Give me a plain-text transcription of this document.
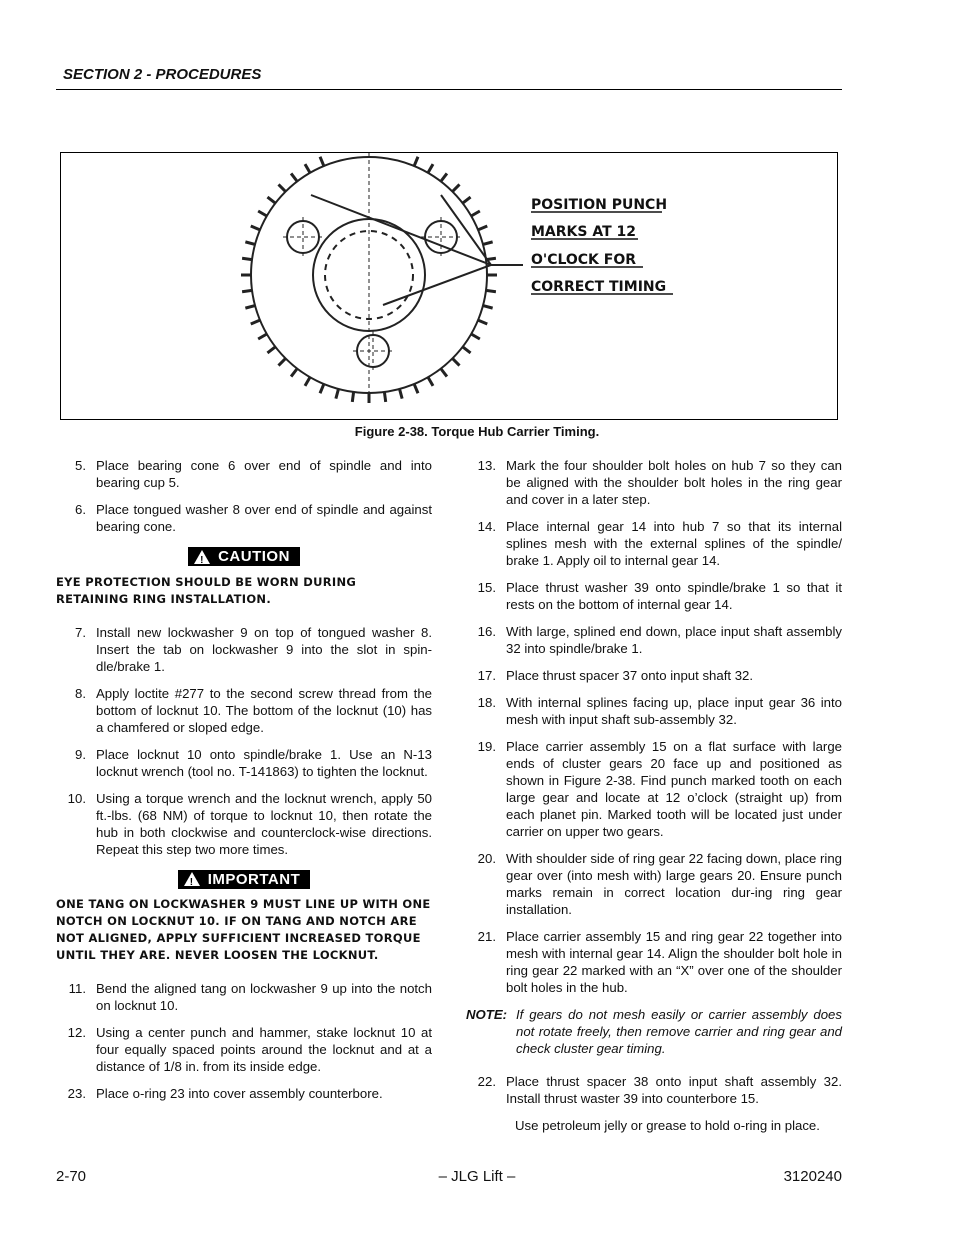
SECTION 2 - PROCEDURES
POSITION PUNCH
MARKS AT 12
O'CLOCK FOR
CORRECT TIMING
Figure 2-38. Torque Hub Carrier Timing.
5. Place bearing cone 6 over end of spindle and into bearing cup 5.
6. Place tongued washer 8 over end of spindle and against bearing cone.
! CAUTION
EYE PROTECTION SHOULD BE WORN DURING RETAINING RING INSTALLATION.
7. Install new lockwasher 9 on top of tongued washer 8. Insert the tab on lockwasher 9 into the slot in spin-dle/brake 1.
8. Apply loctite #277 to the second screw thread from the bottom of locknut 10. The bottom of the locknut (10) has a chamfered or sloped edge.
9. Place locknut 10 onto spindle/brake 1. Use an N-13 locknut wrench (tool no. T-141863) to tighten the locknut.
10. Using a torque wrench and the locknut wrench, apply 50 ft.-lbs. (68 NM) of torque to locknut 10, then rotate the hub in both clockwise and counterclock-wise directions. Repeat this step two more times.
! IMPORTANT
ONE TANG ON LOCKWASHER 9 MUST LINE UP WITH ONE NOTCH ON LOCKNUT 10. IF ON TANG AND NOTCH ARE NOT ALIGNED, APPLY SUFFICIENT INCREASED TORQUE UNTIL THEY ARE. NEVER LOOSEN THE LOCKNUT.
11. Bend the aligned tang on lockwasher 9 up into the notch on locknut 10.
12. Using a center punch and hammer, stake locknut 10 at four equally spaced points around the locknut and at a distance of 1/8 in. from its inside edge.
23. Place o-ring 23 into cover assembly counterbore.
13. Mark the four shoulder bolt holes on hub 7 so they can be aligned with the shoulder bolt holes in the ring gear and cover in a later step.
14. Place internal gear 14 into hub 7 so that its internal splines mesh with the external splines of the spindle/ brake 1. Apply oil to internal gear 14.
15. Place thrust washer 39 onto spindle/brake 1 so that it rests on the bottom of internal gear 14.
16. With large, splined end down, place input shaft assembly 32 into spindle/brake 1.
17. Place thrust spacer 37 onto input shaft 32.
18. With internal splines facing up, place input gear 36 into mesh with input shaft sub-assembly 32.
19. Place carrier assembly 15 on a flat surface with large ends of cluster gears 20 face up and positioned as shown in Figure 2-38. Find punch marked tooth on each large gear and locate at 12 o’clock (straight up) from each planet pin. Marked tooth will be located just under carrier on upper two gears.
20. With shoulder side of ring gear 22 facing down, place ring gear over (into mesh with) large gears 20. Ensure punch marks remain in correct location dur-ing ring gear installation.
21. Place carrier assembly 15 and ring gear 22 together into mesh with internal gear 14. Align the shoulder bolt hole in ring gear 22 marked with an “X” over one of the shoulder bolt holes in the hub.
NOTE: If gears do not mesh easily or carrier assembly does not rotate freely, then remove carrier and ring gear and check cluster gear timing.
22. Place thrust spacer 38 onto input shaft assembly 32. Install thrust waster 39 into counterbore 15.
Use petroleum jelly or grease to hold o-ring in place.
2-70	– JLG Lift –	3120240
